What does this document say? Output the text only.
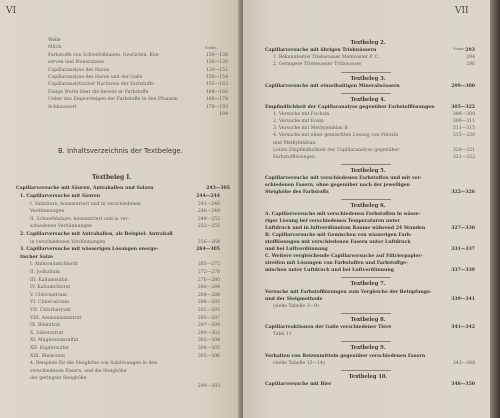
VI
Seiten
Welle
Milch
Farbstoffe von Schwefelblauen, Gewürzen, Kon-	136—138
serven und Pomeranzen	138—139
Capillaranalyse des Harns	139—151
Capillaranalyse des Harns und der Galle	150—154
Capillaranalytischer Nachweis der Farbstoffe	155—163
Einige Worte über die bereits er Farbstoffe	164—168
Ueber das Emporsteigen der Farbstoffe in den Pflanzen	168—178
Schlusswort	178—193
194
B. Inhaltsverzeichnis der Textbelege.
Textbeleg I.
Capillarversuche mit Säuren, Antrahallen und Salzen	243—305
1. Capillarversuche mit Säuren	244—244
I. Salzsäure, konzentriert und in verschiedenen	243—246
Verdünnungen	246—249
II. Schwefelsäure, konzentriert und in ver-	249—252
schiedenen Verdünnungen	252—255
2. Capillarversuche mit Antrahallen, als Beispiel: Antrahall
in verschiedenen Verdünnungen	256—264
3. Capillarversuche mit wässerigen Lösungen energe-	264—305
tischer Salze
I. Ammoniumchlorid	265—272
II. Jodkalium	272—276
III. Kaliumsulfat	276—280
IV. Kaliumchlorat	280—284
V. Chlornatrium	284—288
VI. Chlorcalcium	288—292
VII. Chlorbaryum	292—295
VIII. Ammoniumnitrat	295—297
IX. Bleinitrat	297—299
X. Silbernitrat	299—302
XI. Magnesiumsulfat	302—304
XII. Kupfersulfat	304—305
XIII. Bleiacetat	305—306
4. Beispiele für die Steighöhe von Salzlösungen in den
verschiedenen Fasern, und die Steighöhe
der geringste Steighöhe
299—293
VII
Seiten
Textbeleg 2.
Capillarversuche mit übrigen Triebwässern	293
1. Bekanntestes Triebwasser Mehlcester P. C.	294
2. Geringere Triebwasser Trübwasser	296
Textbeleg 3.
Capillarversuche mit einzelhaltigen Mineralwässern	299—300
Textbeleg 4.
Empfindlichkeit der Capillaranalyse gegenüber Farbstofflösungen	305—322
1. Versuche mit Fuchsin	306—309
2. Versuche mit Eosin	309—311
3. Versuche mit Methylenblau B	311—315
4. Versuche mit einer gemischten Lösung von Phloxin	315—320
und Methylenblau
Letzte Empfindlichkeit der Capillaranalyse gegenüber	320—321
Farbstofflösungen	321—322
Textbeleg 5.
Capillarversuche mit verschiedenen Farbstoffen und mit ver-
schiedenen Fasern, ohne gegenüber nach der jeweiligen
Steighöhe des Farbstoffs	322—326
Textbeleg 6.
A. Capillarversuche mit verschiedenen Farbstoffen in wässe-
riger Lösung bei verschiedenen Temperaturen unter
Luftdruck und in luftverdünntem Raume während 24 Stunden	327—330
B. Capillarversuche mit Gemischen von wässerigen Farb-
stofflösungen mit verschiedenen Fasern unter Luftdruck
und bei Luftverdünnung	331—337
C. Weitere vergleichende Capillarversuche auf Filtrierpapier-
streifen mit Lösungen von Farbstoffen und Farbstoffge-
mischen unter Luftdruck und bei Luftverdünnung	337—339
Textbeleg 7.
Versuche mit Farbstofflösungen zum Vergleiche der Betupfungs-
und der Steigmethode	339—341
(siehe Tabelle 3—9)
Textbeleg 8.
Capillarreaktionen der Galle verschiedener Tiere	341—342
Tafel 11
Textbeleg 9.
Verhalten von Beizenmitteln gegenüber verschiedenen Fasern
(siehe Tabelle 13—14)	343—348
Textbeleg 10.
Capillarversuche mit Bier	348—350
